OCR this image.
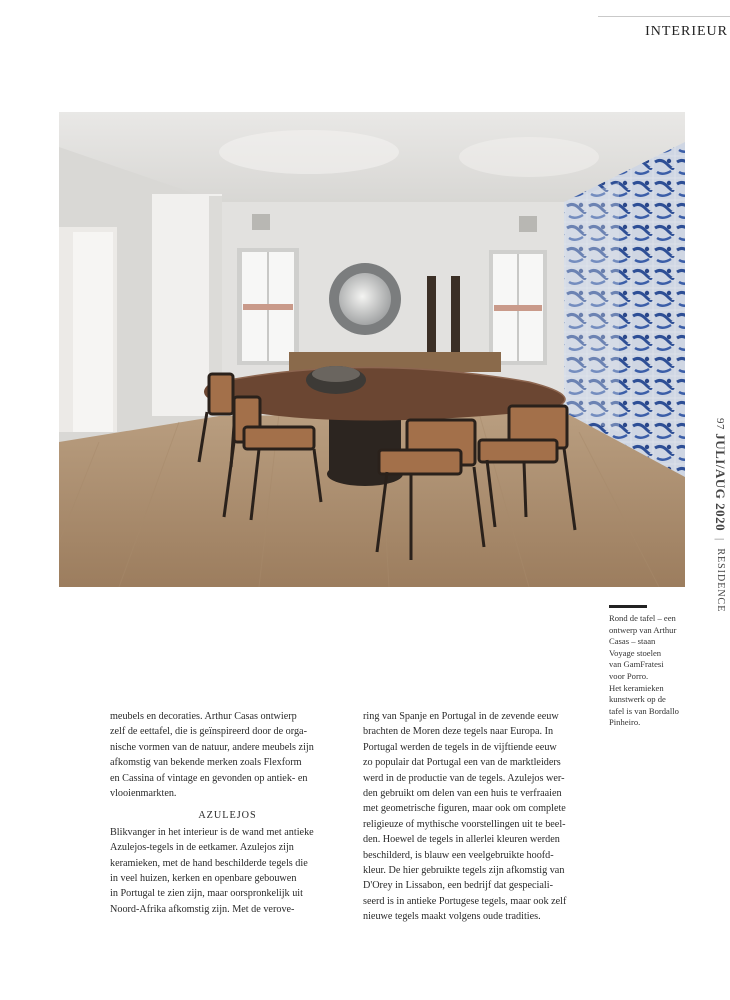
INTERIEUR
97 JULI/AUG 2020 | RESIDENCE
Rond de tafel – een
ontwerp van Arthur
Casas – staan
Voyage stoelen
van GamFratesi
voor Porro.
Het keramieken
kunstwerk op de
tafel is van Bordallo
Pinheiro.
meubels en decoraties. Arthur Casas ontwierp
zelf de eettafel, die is geïnspireerd door de orga-
nische vormen van de natuur, andere meubels zijn
afkomstig van bekende merken zoals Flexform
en Cassina of vintage en gevonden op antiek- en
vlooienmarkten.
AZULEJOS
Blikvanger in het interieur is de wand met antieke
Azulejos-tegels in de eetkamer. Azulejos zijn
keramieken, met de hand beschilderde tegels die
in veel huizen, kerken en openbare gebouwen
in Portugal te zien zijn, maar oorspronkelijk uit
Noord-Afrika afkomstig zijn. Met de verove-
ring van Spanje en Portugal in de zevende eeuw
brachten de Moren deze tegels naar Europa. In
Portugal werden de tegels in de vijftiende eeuw
zo populair dat Portugal een van de marktleiders
werd in de productie van de tegels. Azulejos wer-
den gebruikt om delen van een huis te verfraaien
met geometrische figuren, maar ook om complete
religieuze of mythische voorstellingen uit te beel-
den. Hoewel de tegels in allerlei kleuren werden
beschilderd, is blauw een veelgebruikte hoofd-
kleur. De hier gebruikte tegels zijn afkomstig van
D'Orey in Lissabon, een bedrijf dat gespeciali-
seerd is in antieke Portugese tegels, maar ook zelf
nieuwe tegels maakt volgens oude tradities.
